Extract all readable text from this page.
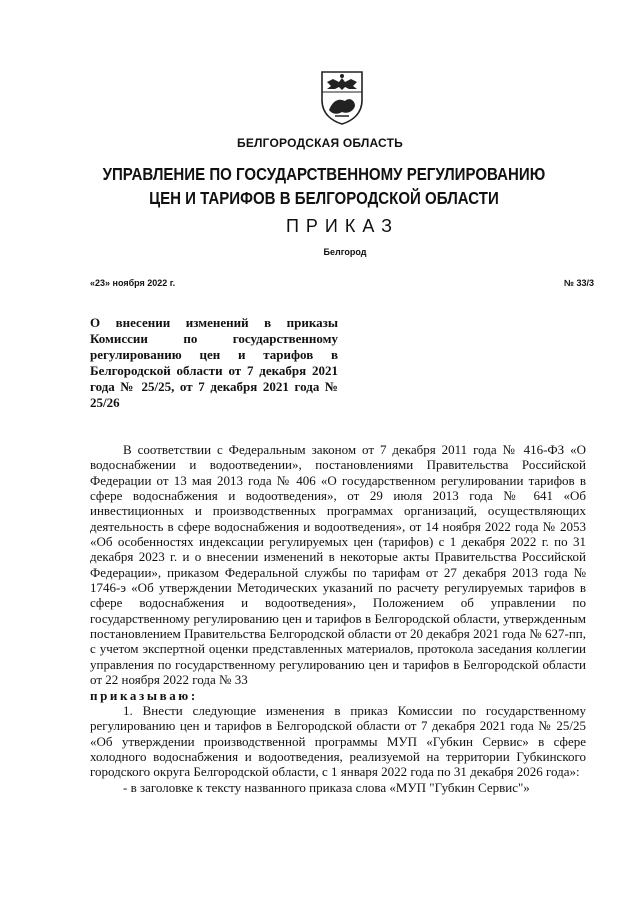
БЕЛГОРОДСКАЯ ОБЛАСТЬ
УПРАВЛЕНИЕ ПО ГОСУДАРСТВЕННОМУ РЕГУЛИРОВАНИЮ
ЦЕН И ТАРИФОВ В БЕЛГОРОДСКОЙ ОБЛАСТИ
ПРИКАЗ
Белгород
«23» ноября 2022 г.	№ 33/3
О внесении изменений в приказы Комиссии по государственному регулированию цен и тарифов в Белгородской области от 7 декабря 2021 года № 25/25, от 7 декабря 2021 года № 25/26

В соответствии с Федеральным законом от 7 декабря 2011 года № 416-ФЗ «О водоснабжении и водоотведении», постановлениями Правительства Российской Федерации от 13 мая 2013 года № 406 «О государственном регулировании тарифов в сфере водоснабжения и водоотведения», от 29 июля 2013 года № 641 «Об инвестиционных и производственных программах организаций, осуществляющих деятельность в сфере водоснабжения и водоотведения», от 14 ноября 2022 года № 2053 «Об особенностях индексации регулируемых цен (тарифов) с 1 декабря 2022 г. по 31 декабря 2023 г. и о внесении изменений в некоторые акты Правительства Российской Федерации», приказом Федеральной службы по тарифам от 27 декабря 2013 года № 1746-э «Об утверждении Методических указаний по расчету регулируемых тарифов в сфере водоснабжения и водоотведения», Положением об управлении по государственному регулированию цен и тарифов в Белгородской области, утвержденным постановлением Правительства Белгородской области от 20 декабря 2021 года № 627-пп, с учетом экспертной оценки представленных материалов, протокола заседания коллегии управления по государственному регулированию цен и тарифов в Белгородской области от 22 ноября 2022 года № 33

приказываю:

1. Внести следующие изменения в приказ Комиссии по государственному регулированию цен и тарифов в Белгородской области от 7 декабря 2021 года № 25/25 «Об утверждении производственной программы МУП «Губкин Сервис» в сфере холодного водоснабжения и водоотведения, реализуемой на территории Губкинского городского округа Белгородской области, с 1 января 2022 года по 31 декабря 2026 года»:

- в заголовке к тексту названного приказа слова «МУП "Губкин Сервис"»
